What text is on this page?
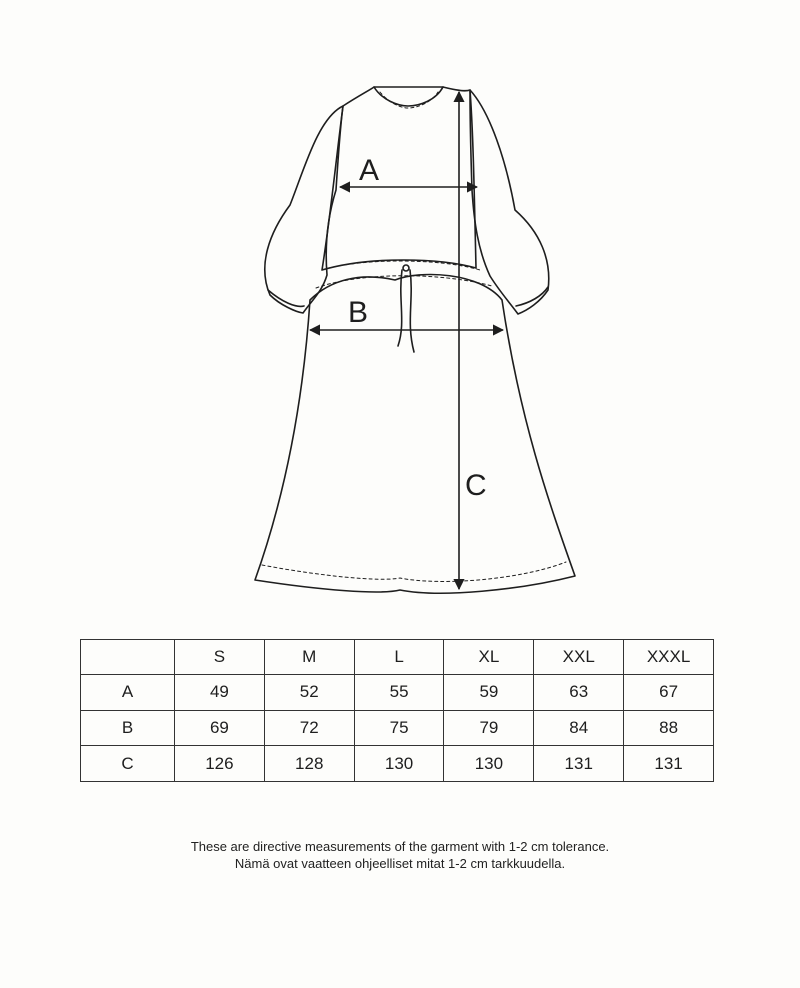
A
B
C
	S	M	L	XL	XXL	XXXL
A	49	52	55	59	63	67
B	69	72	75	79	84	88
C	126	128	130	130	131	131
These are directive measurements of the garment with 1-2 cm tolerance.
Nämä ovat vaatteen ohjeelliset mitat 1-2 cm tarkkuudella.
